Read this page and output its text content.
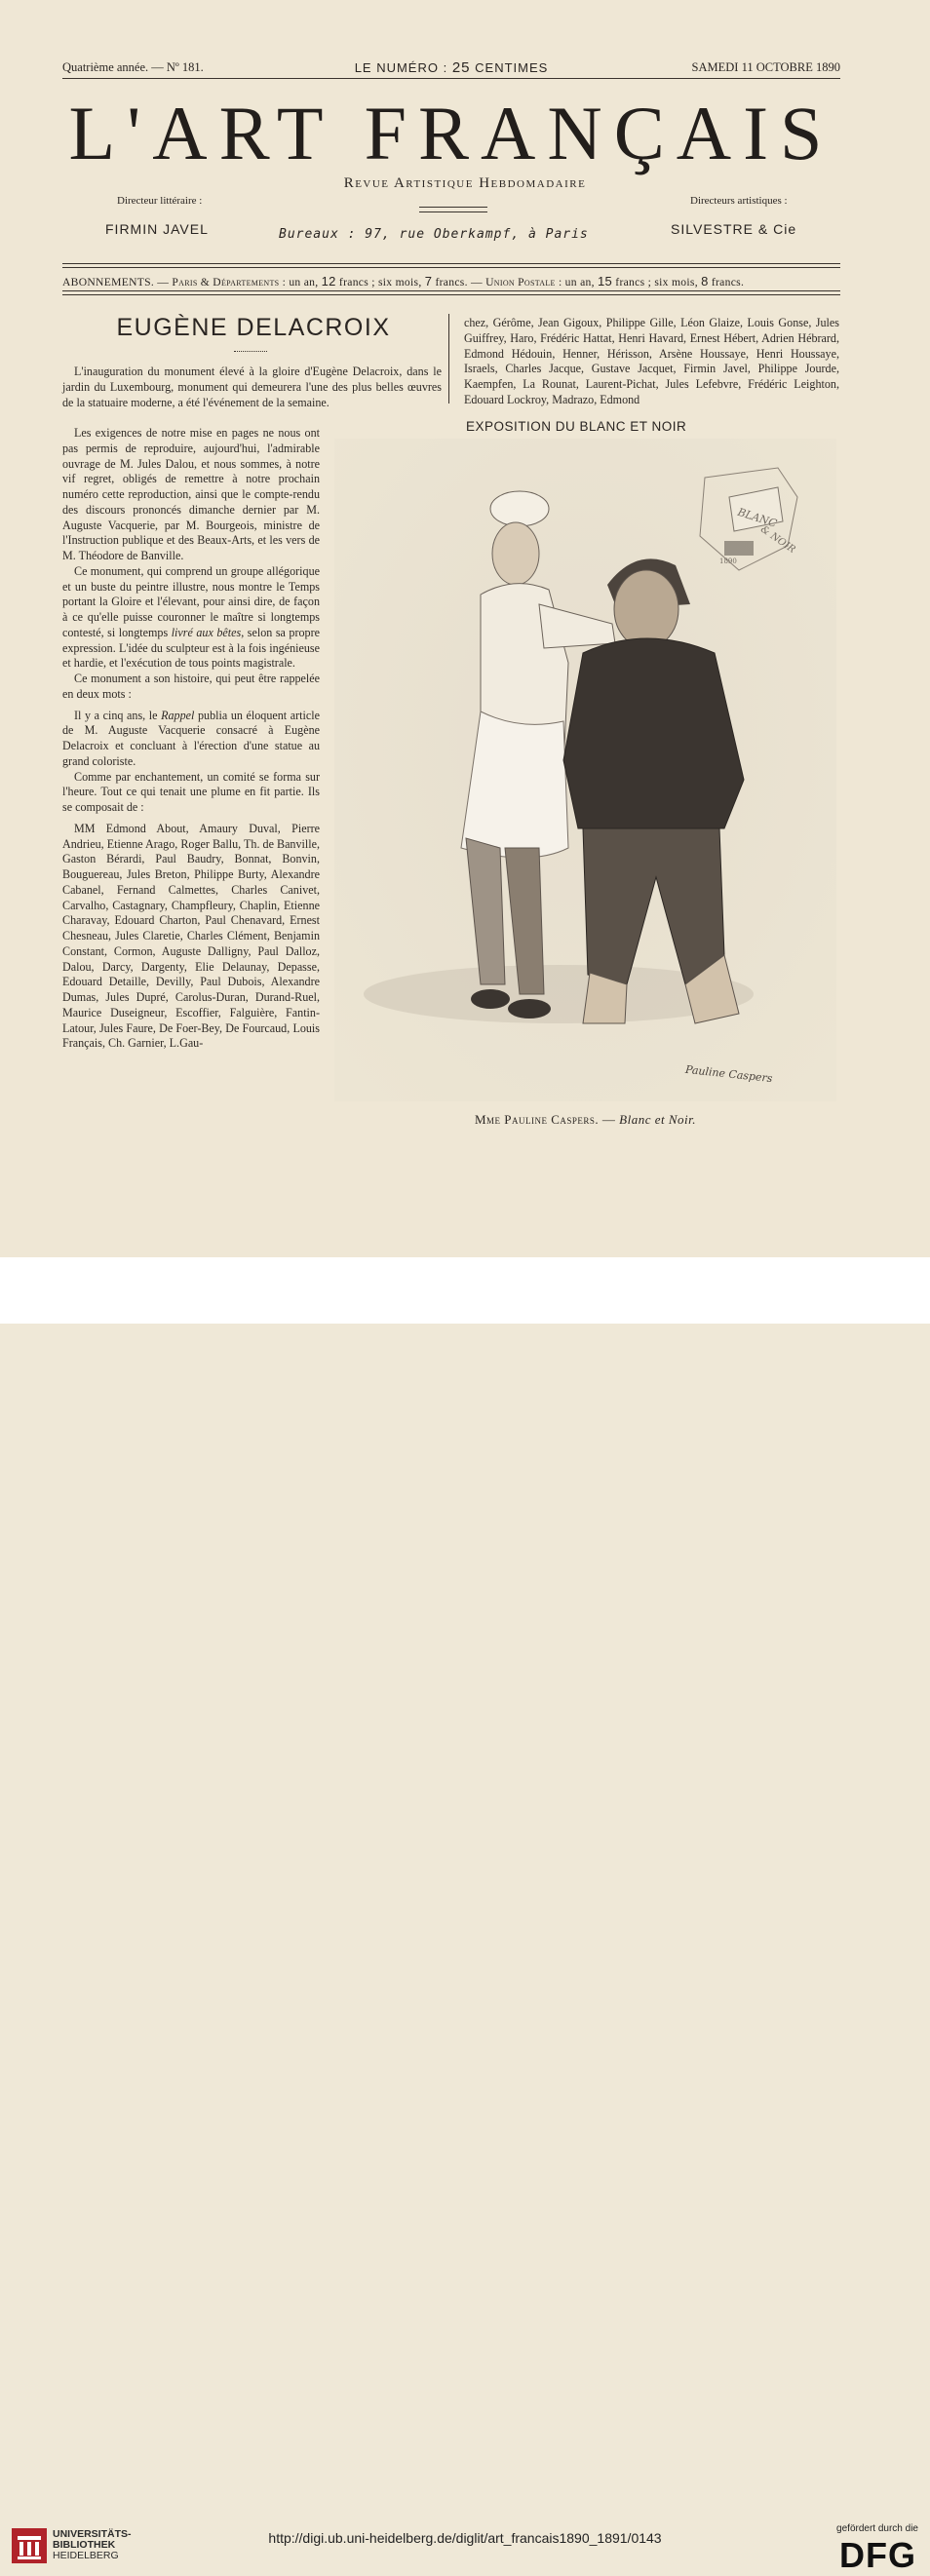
Quatrième année. — Nº 181.	LE NUMÉRO : 25 CENTIMES	SAMEDI 11 OCTOBRE 1890
L'ART FRANÇAIS
Revue Artistique Hebdomadaire
Directeur littéraire :
FIRMIN JAVEL	Bureaux : 97, rue Oberkampf, à Paris
Directeurs artistiques :
SILVESTRE & Cie
ABONNEMENTS. — Paris & Départements : un an, 12 francs ; six mois, 7 francs. — Union Postale : un an, 15 francs ; six mois, 8 francs.
EUGÈNE DELACROIX

L'inauguration du monument élevé à la gloire d'Eugène Delacroix, dans le jardin du Luxembourg, monument qui demeurera l'une des plus belles œuvres de la statuaire moderne, a été l'événement de la semaine.

Les exigences de notre mise en pages ne nous ont pas permis de reproduire, aujourd'hui, l'admirable ouvrage de M. Jules Dalou, et nous sommes, à notre vif regret, obligés de remettre à notre prochain numéro cette reproduction, ainsi que le compte-rendu des discours prononcés dimanche dernier par M. Auguste Vacquerie, par M. Bourgeois, ministre de l'Instruction publique et des Beaux-Arts, et les vers de M. Théodore de Banville.

Ce monument, qui comprend un groupe allégorique et un buste du peintre illustre, nous montre le Temps portant la Gloire et l'élevant, pour ainsi dire, de façon à ce qu'elle puisse couronner le maître si longtemps contesté, si longtemps livré aux bêtes, selon sa propre expression. L'idée du sculpteur est à la fois ingénieuse et hardie, et l'exécution de tous points magistrale.

Ce monument a son histoire, qui peut être rappelée en deux mots :

Il y a cinq ans, le Rappel publia un éloquent article de M. Auguste Vacquerie consacré à Eugène Delacroix et concluant à l'érection d'une statue au grand coloriste.

Comme par enchantement, un comité se forma sur l'heure. Tout ce qui tenait une plume en fit partie. Ils se composait de :

MM Edmond About, Amaury Duval, Pierre Andrieu, Etienne Arago, Roger Ballu, Th. de Banville, Gaston Bérardi, Paul Baudry, Bonnat, Bonvin, Bouguereau, Jules Breton, Philippe Burty, Alexandre Cabanel, Fernand Calmettes, Charles Canivet, Carvalho, Castagnary, Champfleury, Chaplin, Etienne Charavay, Edouard Charton, Paul Chenavard, Ernest Chesneau, Jules Claretie, Charles Clément, Benjamin Constant, Cormon, Auguste Dalligny, Paul Dalloz, Dalou, Darcy, Dargenty, Elie Delaunay, Depasse, Edouard Detaille, Devilly, Paul Dubois, Alexandre Dumas, Jules Dupré, Carolus-Duran, Durand-Ruel, Maurice Duseigneur, Escoffier, Falguière, Fantin-Latour, Jules Faure, De Foer-Bey, De Fourcaud, Louis Français, Ch. Garnier, L.Gau-

chez, Gérôme, Jean Gigoux, Philippe Gille, Léon Glaize, Louis Gonse, Jules Guiffrey, Haro, Frédéric Hattat, Henri Havard, Ernest Hébert, Adrien Hébrard, Edmond Hédouin, Henner, Hérisson, Arsène Houssaye, Henri Houssaye, Israels, Charles Jacque, Gustave Jacquet, Firmin Javel, Philippe Jourde, Kaempfen, La Rounat, Laurent-Pichat, Jules Lefebvre, Frédéric Leighton, Edouard Lockroy, Madrazo, Edmond

EXPOSITION DU BLANC ET NOIR
BLANC
& NOIR
1890
Pauline Caspers
Mme Pauline Caspers. — Blanc et Noir.
UNIVERSITÄTS-
BIBLIOTHEK
HEIDELBERG
http://digi.ub.uni-heidelberg.de/diglit/art_francais1890_1891/0143
gefördert durch die
DFG
